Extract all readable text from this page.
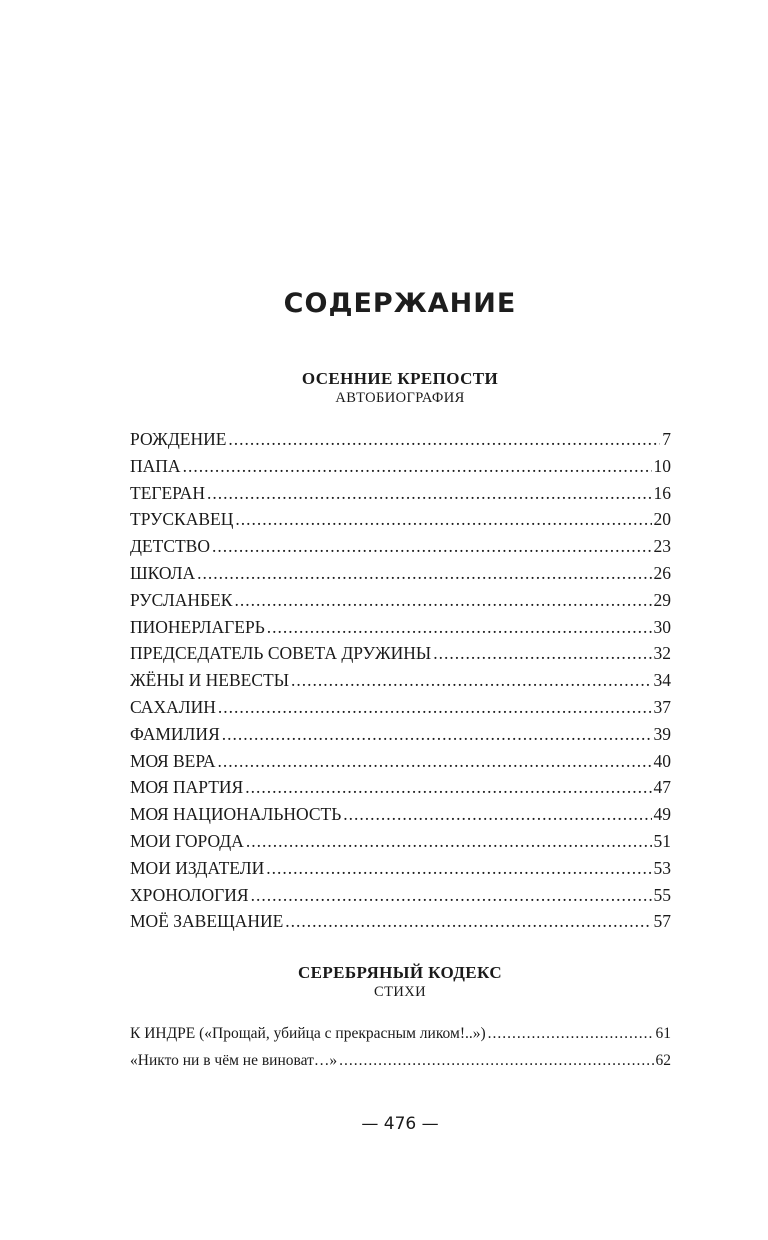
СОДЕРЖАНИЕ
ОСЕННИЕ КРЕПОСТИ
АВТОБИОГРАФИЯ
РОЖДЕНИЕ .....	7
ПАПА .....	10
ТЕГЕРАН .....	16
ТРУСКАВЕЦ .....	20
ДЕТСТВО .....	23
ШКОЛА .....	26
РУСЛАНБЕК .....	29
ПИОНЕРЛАГЕРЬ .....	30
ПРЕДСЕДАТЕЛЬ СОВЕТА ДРУЖИНЫ .....	32
ЖЁНЫ И НЕВЕСТЫ .....	34
САХАЛИН .....	37
ФАМИЛИЯ .....	39
МОЯ ВЕРА .....	40
МОЯ ПАРТИЯ .....	47
МОЯ НАЦИОНАЛЬНОСТЬ .....	49
МОИ ГОРОДА .....	51
МОИ ИЗДАТЕЛИ .....	53
ХРОНОЛОГИЯ .....	55
МОЁ ЗАВЕЩАНИЕ .....	57
СЕРЕБРЯНЫЙ КОДЕКС
СТИХИ
К ИНДРЕ («Прощай, убийца с прекрасным ликом!..») .....	61
«Никто ни в чём не виноват…» .....	62
— 476 —
